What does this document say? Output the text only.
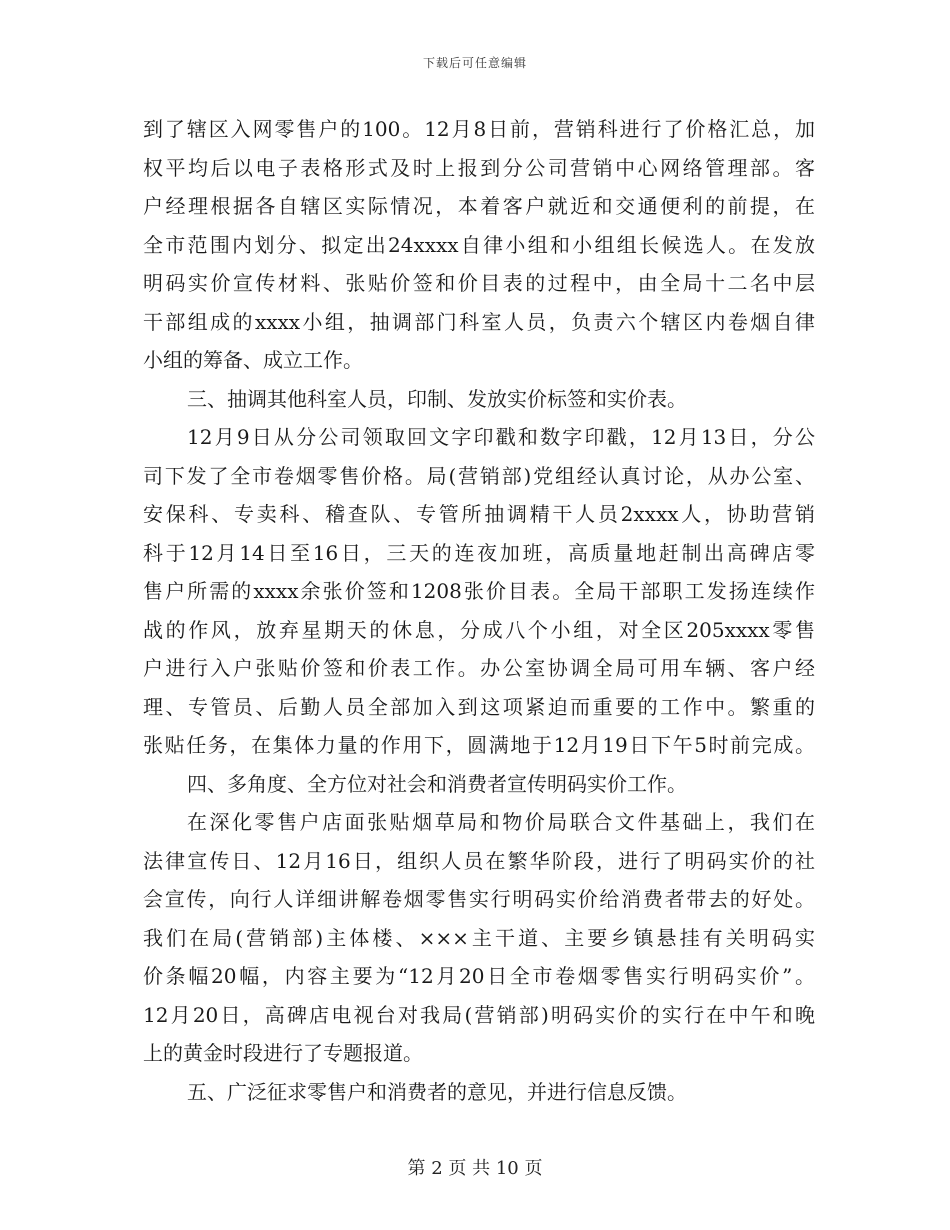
下载后可任意编辑
到了辖区入网零售户的100。12月8日前，营销科进行了价格汇总，加
权平均后以电子表格形式及时上报到分公司营销中心网络管理部。客
户经理根据各自辖区实际情况，本着客户就近和交通便利的前提，在
全市范围内划分、拟定出24xxxx自律小组和小组组长候选人。在发放
明码实价宣传材料、张贴价签和价目表的过程中，由全局十二名中层
干部组成的xxxx小组，抽调部门科室人员，负责六个辖区内卷烟自律
小组的筹备、成立工作。
三、抽调其他科室人员，印制、发放实价标签和实价表。
12月9日从分公司领取回文字印戳和数字印戳，12月13日，分公
司下发了全市卷烟零售价格。局(营销部)党组经认真讨论，从办公室、
安保科、专卖科、稽查队、专管所抽调精干人员2xxxx人，协助营销
科于12月14日至16日，三天的连夜加班，高质量地赶制出高碑店零
售户所需的xxxx余张价签和1208张价目表。全局干部职工发扬连续作
战的作风，放弃星期天的休息，分成八个小组，对全区205xxxx零售
户进行入户张贴价签和价表工作。办公室协调全局可用车辆、客户经
理、专管员、后勤人员全部加入到这项紧迫而重要的工作中。繁重的
张贴任务，在集体力量的作用下，圆满地于12月19日下午5时前完成。
四、多角度、全方位对社会和消费者宣传明码实价工作。
在深化零售户店面张贴烟草局和物价局联合文件基础上，我们在
法律宣传日、12月16日，组织人员在繁华阶段，进行了明码实价的社
会宣传，向行人详细讲解卷烟零售实行明码实价给消费者带去的好处。
我们在局(营销部)主体楼、×××主干道、主要乡镇悬挂有关明码实
价条幅20幅，内容主要为“12月20日全市卷烟零售实行明码实价”。
12月20日，高碑店电视台对我局(营销部)明码实价的实行在中午和晚
上的黄金时段进行了专题报道。
五、广泛征求零售户和消费者的意见，并进行信息反馈。
第 2 页 共 10 页
